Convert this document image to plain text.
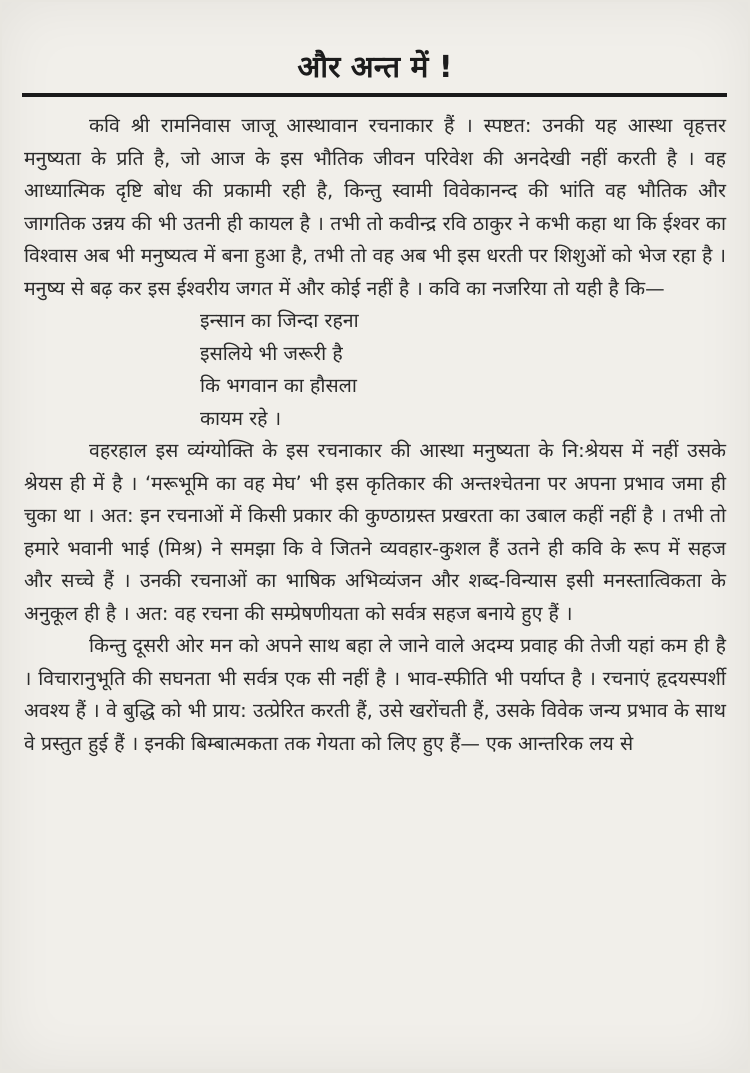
और अन्त में !

कवि श्री रामनिवास जाजू आस्थावान रचनाकार हैं । स्पष्टत: उनकी यह आस्था वृहत्तर मनुष्यता के प्रति है, जो आज के इस भौतिक जीवन परिवेश की अनदेखी नहीं करती है । वह आध्यात्मिक दृष्टि बोध की प्रकामी रही है, किन्तु स्वामी विवेकानन्द की भांति वह भौतिक और जागतिक उन्नय की भी उतनी ही कायल है । तभी तो कवीन्द्र रवि ठाकुर ने कभी कहा था कि ईश्वर का विश्वास अब भी मनुष्यत्व में बना हुआ है, तभी तो वह अब भी इस धरती पर शिशुओं को भेज रहा है । मनुष्य से बढ़ कर इस ईश्वरीय जगत में और कोई नहीं है । कवि का नजरिया तो यही है कि—

इन्सान का जिन्दा रहना
इसलिये भी जरूरी है
कि भगवान का हौसला
कायम रहे ।

वहरहाल इस व्यंग्योक्ति के इस रचनाकार की आस्था मनुष्यता के नि:श्रेयस में नहीं उसके श्रेयस ही में है । ‘मरूभूमि का वह मेघ’ भी इस कृतिकार की अन्तश्चेतना पर अपना प्रभाव जमा ही चुका था । अत: इन रचनाओं में किसी प्रकार की कुण्ठाग्रस्त प्रखरता का उबाल कहीं नहीं है । तभी तो हमारे भवानी भाई (मिश्र) ने समझा कि वे जितने व्यवहार-कुशल हैं उतने ही कवि के रूप में सहज और सच्चे हैं । उनकी रचनाओं का भाषिक अभिव्यंजन और शब्द-विन्यास इसी मनस्तात्विकता के अनुकूल ही है । अत: वह रचना की सम्प्रेषणीयता को सर्वत्र सहज बनाये हुए हैं ।

किन्तु दूसरी ओर मन को अपने साथ बहा ले जाने वाले अदम्य प्रवाह की तेजी यहां कम ही है । विचारानुभूति की सघनता भी सर्वत्र एक सी नहीं है । भाव-स्फीति भी पर्याप्त है । रचनाएं हृदयस्पर्शी अवश्य हैं । वे बुद्धि को भी प्राय: उत्प्रेरित करती हैं, उसे खरोंचती हैं, उसके विवेक जन्य प्रभाव के साथ वे प्रस्तुत हुई हैं । इनकी बिम्बात्मकता तक गेयता को लिए हुए हैं— एक आन्तरिक लय से
